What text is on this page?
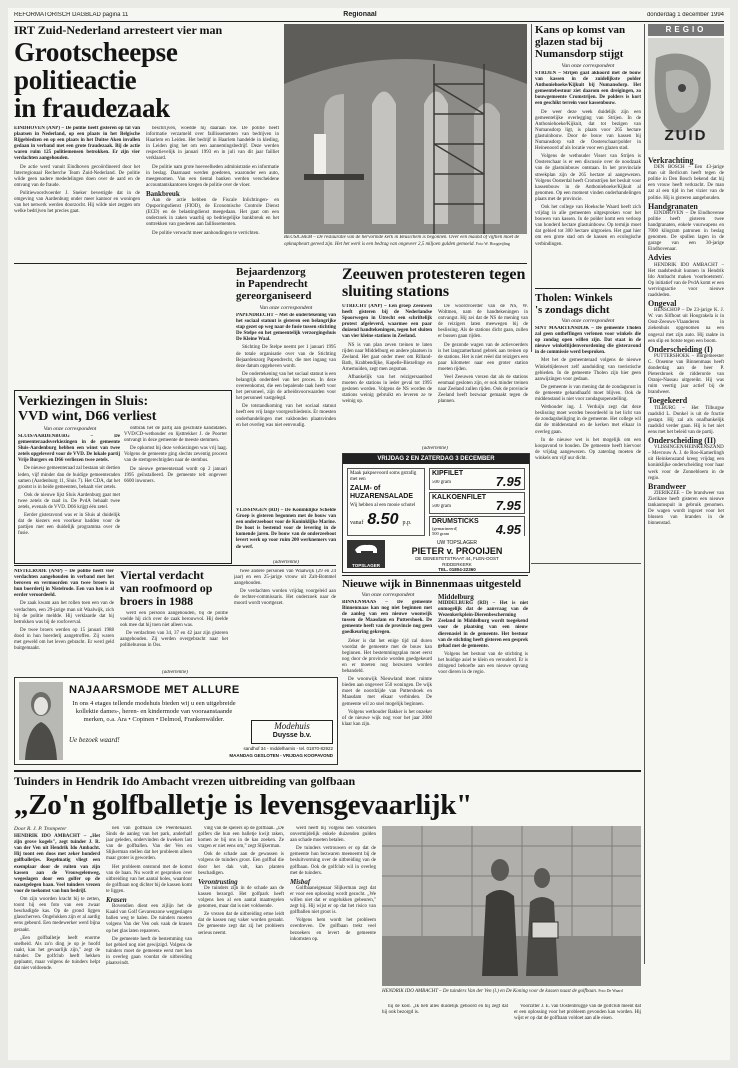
REFORMATORISCH DAGBLAD pagina 11	Regionaal	donderdag 1 december 1994
IRT Zuid-Nederland arresteert vier man
Grootscheepse
politieactie
in fraudezaak

EINDHOVEN (ANP) – De politie heeft gisteren op tal van plaatsen in Nederland, op een plaats in het Belgische Rijgebiedzen en op een plaats in het Duitse Aken invallen gedaan in verband met een grote fraudezaak. Bij de actie waren ruim 125 politiemensen betrokken. Er zijn vier verdachten aangehouden.

De actie werd vanuit Eindhoven gecoördineerd door het Interregionaal Recherche Team Zuid-Nederland. De politie wilde geen nadere mededelingen doen over de aard en de omvang van de fraude.

Politiewoordvoerder J. Sneker bevestigde dat in de omgeving van Aardenburg onder meer kantoor en woningen van het netwerk werden doorzocht. Hij wilde niet zeggen om welke bedrijven het precies gaat.

beschrijven, woedde hij daaraan toe. De politie heeft informatie verzameld over faillissementen van bedrijven in Haarlem en Leiden. Het bedrijf in Haarlem handelde in kleding, in Leiden ging het om een aannemingsbedrijf. Deze werden respectievelijk in januari 1993 en in juli van dit jaar failliet verklaard.

De politie nam grote hoeveelheden administratie en informatie in beslag. Daarnaast werden goederen, waaronder een auto, meegenomen. Van een tiental banken werden verscheidene accountantskantoren kregen de politie over de vloer.

Bankbreuk

Aan de actie hebben de Fiscale Inlichtingen- en Opsporingsdienst (FIOD), de Economische Controle Dienst (ECD) en de belastingdienst meegedaan. Het gaat om een onderzoek in zaken waarbij op bedriegelijke bankbreuk en het onttrekken van goederen aan faillissementen.

De politie verwacht meer aanhoudingen te verrichten.

BEUSICHEM – De restauratie van de hervormde kerk in Beusichem is begonnen. Over een maand of vijftien moet de opknapbeurt gereed zijn. Het het werk is een bedrag van ongeveer 2,5 miljoen gulden gemoeid. Foto W. Hoogteijling
Kans op komst van
glazen stad bij
Numansdorp stijgt
Van onze correspondent

STRIJEN – Strijen gaat akkoord met de bouw van kassen in de zuidelijkste polder Anthoniehoeke/Kijkuit bij Numansdorp. Het gemeentebestuur ziet daarom een dreigingen, zo bouwgemeente Cromstrijen. De polders is kort een geschikt terrein voor kassenbouw.

De weer deze week duidelijk zijn een gemeentelijke overlegging van Strijen. In de Anthoniehoeke/Kijkuit, dat tot bezigen van Numansdorp ligt, is plaats voor 265 hectare glastuinbouw. Door de bouw van kassen bij Numansdorp valt de Oosterschaar/polder in Heinenoord af als locatie voor een glazen stad.

Volgens de wethouder Visser van Strijen is Oosterschaar is er een discussie over de noodzaak van de glastuinbouw ontstaan. In het provinciale streekplan zijn de 265 hectare al aangewezen. Volgens Oosterdal heeft Cromstrijen het besluit voor kassenbouw in de Anthoniehoeke/Kijkuit al genomen. Op een moment vinden onderhandelingen plaats met de provincie.

Ook het college van Hoeksche Waard heeft zich vrijdag in alle gemeenten uitgesproken voor het bouwen van kassen. In de polder komt een verloop van honderd hectare glastuinbouw. Op termijn moet dat gebied tot 300 hectare uitgroeien. Het gaat hier om een grote stad om de kassen en ecologische verbindingen.

Tholen: Winkels
's zondags dicht
Van onze correspondent

SINT MAARTENSDIJK – De gemeente Tholen zal geen ontheffingen verlenen voor winkels die op zondag open willen zijn. Dat staat in de nieuwe winkeltijdenverordening die gisteravond in de commissie werd besproken.

Met het de gemeenteraad volgens de nieuwe Winkeltijdenwet zelf aanduiding van toeristische gebieden. In de gemeente Tholen zijn hier geen aanwijzingen voor gedaan.

De gemeente is van mening dat de zondagsrust in de gemeente gehandhaafd moet blijven. Ook de middenstand is niet voor zondagsopenstelling.

Wethouder ing. J. Verduijn zegt dat deze beslissing moet worden beoordeeld in het licht van de zondagsheiliging in de gemeente. Het college wil dat de middenstand en de kerken met elkaar in overleg gaan.

In de nieuwe wet is het mogelijk om een koopavond te houden. De gemeente heeft hiervoor de vrijdag aangewezen. Op zaterdag moeten de winkels om vijf uur dicht.

REGIO
ZUID
Verkrachting

DEN BOSCH – Een 43-jarige man uit Berlicum heeft tegen de politie in Den Bosch bekend dat hij een vrouw heeft verkracht. De man zat al een tijd in het vizier van de politie. Hij is gisteren aangehouden.

Handgranaten

EINDHOVEN – De Eindhovense politie heeft gisteren twee handgranaten, enkele vuurwapens en 7000 kilogram patronen in beslag genomen. De spullen lagen in de garage van een 30-jarige Eindhovenaar.

Advies

HENDRIK IDO AMBACHT – Het raadsbesluit kunnen in Hendrik Ido Ambacht maken 'voorboetstem'. Op initiatief van de PvdA komt er een wervingsactie voor nieuwe raadsleden.

Ongeval

BENSCHOP – De 23-jarige K. J. W. van Silfhout uit Hoograkela is in Oost-Zeeuws-Vlaanderen in ziekenhuis opgenomen na een ongeval met zijn auto. Hij raakte in een slip en botste tegen een boom.

Onderscheiding (I)

PUTTERSHOEK – Burgemeester C. Onsenne van Binnenmaas heeft donderdag aan de heer P. Pietersbroek de ridderorde van Oranje-Nassau uitgereikt. Hij was ruim veertig jaar actief bij de brandweer.

Toegekeerd

TILBURG – Het Tilburgse raadslid L. Donkel is uit de fractie gestapt. Hij zal als onafhankelijk raadslid verder gaan. Hij is het niet eens met het beleid van de partij.

Onderscheiding (II)

VLISSINGEN/HEINKENSZAND – Mevrouw A. J. de Roo-Kamerlingh uit Heinkenszand kreeg vrijdag een koninklijke onderscheiding voor haar werk voor de Zonnebloem in de regio.

Brandweer

ZIERIKZEE – De brandweer van Zierikzee heeft gisteren een nieuwe tankautospuit in gebruik genomen. De wagen wordt ingezet voor het blussen van branden in de binnenstad.

Bejaardenzorg
in Papendrecht
gereorganiseerd
Van onze correspondent

PAPENDRECHT – Met de ondertekening van het sociaal statuut is gisteren een belangrijke stap gezet op weg naar de fusie tussen stichting De Stelpe en het gemeentelijk verzorgingshuis De Kleine Waal.

Stichting De Stelpe neemt per 1 januari 1995 de totale organisatie over van de Stichting Bejaardenzorg Papendrecht, die met ingang van deze datum opgeheven wordt.

De ondertekening van het sociaal statuut is een belangrijk onderdeel van het proces. In deze overeenkomst, die een bepalende taak heeft voor het personeel, zijn de arbeidsvoorwaarden voor het personeel vastgelegd.

De totstandkoming van het sociaal statuut heeft een vrij lange voorgeschiedenis. Er moesten onderhandelingen met vakbonden plaatsvinden en het overleg was niet eenvoudig.

Zeeuwen protesteren tegen sluiting stations

UTRECHT (ANP) – Een groep Zeeuwen heeft gisteren bij de Nederlandse Spoorwegen in Utrecht een schriftelijk protest afgeleverd, waarmee een paar duizend handtekeningen, tegen het sluiten van vier kleine stations in Zeeland.

NS is van plan zeven treinen te laten rijden naar Middelburg en andere plaatsen in Zeeland. Het gaat onder meer om Rilland-Bath, Krabbendijke, Kapelle-Biezelinge en Arnemuiden, zegt men zegsman.

Afhankelijk van het reizigersaanbod moeten de stations in ieder geval tot 1995 gesloten worden. Volgens de NS worden de stations weinig gebruikt en leveren ze te weinig op.

De woordvoerder van de NS, W. Woltmen, nam de handtekeningen in ontvangst. Hij zei dat de NS de mening van de reizigers laten meewegen bij de beslissing. Als de stations dicht gaan, zullen er bussen gaan rijden.

De gezonde wagen van de actievoerders is het langzamerhand gebrek aan treinen op de stations. Het is niet reëel dat reizigers een paar kilometer naar een groter station moeten rijden.

Veel Zeeuwen vrezen dat als de stations eenmaal gesloten zijn, er ook minder treinen naar Zeeland zullen rijden. Ook de provincie Zeeland heeft bezwaar gemaakt tegen de plannen.

Verkiezingen in Sluis:
VVD wint, D66 verliest
Van onze correspondent

SLUIS/AARDENBURG – De gemeenteraadsverkiezingen in de gemeente Sluis-Aardenburg hebben een winst van twee zetels opgeleverd voor de VVD. De lokale partij Vrije Burgers en D66 verliezen twee zetels.

De nieuwe gemeenteraad zal bestaan uit dertien leden, vijf minder dan de huidige gemeenteraden samen (Aardenburg 11, Sluis 7). Het CDA, dat het grootst is in beide gemeenten, behaalt vier zetels.

Ook de nieuwe lijst Sluis Aardenburg gaat met twee zetels de raad in. De PvdA behaalt twee zetels, evenals de VVD. D66 krijgt één zetel.

Eerder gisteravond was er in Sluis al duidelijk dat de kiezers een voorkeur hadden voor de partijen met een duidelijk programma over de fusie.

ontbrak het de partij aan geschikte kandidaten. VVD/CD-wethouder en lijsttrekker J. de Poorter ontvangt in deze gemeente de meeste stemmen.

De opkomst bij deze verkiezingen was vrij laag. Volgens de gemeente ging slechts zeventig procent van de stemgerechtigden naar de stembus.

De nieuwe gemeenteraad wordt op 2 januari 1995 geïnstalleerd. De gemeente telt ongeveer 6600 inwoners.

VLISSINGEN (RD) – De Koninklijke Schelde Groep is gisteren begonnen met de bouw van een onderzeeboot voor de Koninklijke Marine. De boot is bestemd voor de levering in de komende jaren. De bouw van de onderzeeboot levert werk op voor ruim 200 werknemers van de werf.

(advertentie)
(advertentie)
VRIJDAG 2 EN ZATERDAG 3 DECEMBER
Maak pakpsevoord soms gstrafig met een
ZALM- of HUZARENSALADE
Wij hebben al een mooie schotel
vanaf 8.50 p.p.
KIPFILET
500 gram	7.95
KALKOENFILET
500 gram	7.95
DRUMSTICKS
(gemarineerd)
500 gram	4.95
TOPSLAGER
UW TOPSLAGER
PIETER v. PROOIJEN
DE GENESTETSTRAAT 44, FLEN-OOST
RIDDERKERK
TEL. 01804-22360

NISTELRODE (ANP) – De politie heeft vier verdachten aangehouden in verband met het beroven en vermoorden van twee broers in hun boerderij in Nistelrode. Een van hen is al eerder veroordeeld.

De zaak kwam aan het rollen toen een van de verdachten, een 29-jarige man uit Waalwijk, zich bij de politie meldde. Hij verklaarde dat hij betrokken was bij de roofoverval.

De twee broers werden op 15 januari 1988 dood in hun boerderij aangetroffen. Zij waren met geweld om het leven gebracht. Er werd geld buitgemaakt.

Viertal verdacht
van roofmoord op
broers in 1988

werd een persoon aangehouden, bij de politie voelde hij zich over de zaak berouwvol. Hij deelde ook mee dat hij toen niet alleen was.

De verdachten van 34, 37 en 42 jaar zijn gisteren aangehouden. Zij werden overgebracht naar het politiebureau in Oss.

twee andere personen van Waalwijk (29 en 24 jaar) en een 25-jarige vrouw uit Zalt-Bommel aangehouden.

De verdachten worden vrijdag voorgeleid aan de rechter-commissaris. Het onderzoek naar de moord wordt voortgezet.

(advertentie)
NAJAARSMODE MET ALLURE
In ons 4 etages tellende modehuis bieden wij u een uitgebreide kollektie dames-, heren- en kindermode van vooraanstaande merken, o.a. Ara • Copinen • Delmod, Frankenwälder.
Ue bezoek waard!
Modehuis
Duysse b.v.
sandhof 34 - middelharnis - tel. 01870-82922
MAANDAG GESLOTEN - VRIJDAG KOOPAVOND
Nieuwe wijk in Binnenmaas uitgesteld
Van onze correspondent

BINNENMAAS – De gemeente Binnenmaas kan nog niet beginnen met de aanleg van een nieuwe woonwijk tussen de Maasdam en Puttershoek. De gemeente heeft van de provincie nog geen goedkeuring gekregen.

Zeker is dat het enige tijd zal duren voordat de gemeente met de bouw kan beginnen. Het bestemmingsplan moet eerst nog door de provincie worden goedgekeurd en er moeten nog bezwaren worden behandeld.

De woonwijk Nieuwland moet ruimte bieden aan ongeveer 550 woningen. De wijk moet de noordzijde van Puttershoek en Maasdam met elkaar verbinden. De gemeente wil zo snel mogelijk beginnen.

Volgens wethouder Bakker is het onzeker of de nieuwe wijk nog voor het jaar 2000 klaar kan zijn.

Middelburg

MIDDELBURG (RD) – Het is niet onmogelijk dat de aanvraag van de Wezenkerkplein-Dierenbescherming Zeeland in Middelburg wordt toegekend voor de plaatsing van een nieuw dierenasiel in de gemeente. Het bestuur van de stichting heeft gisteren een gesprek gehad met de gemeente.

Volgens het bestuur van de stichting is het huidige asiel te klein en verouderd. Er is dringend behoefte aan een nieuwe opvang voor dieren in de regio.

Tuinders in Hendrik Ido Ambacht vrezen uitbreiding van golfbaan
„Zo'n golfballetje is levensgevaarlijk"
Door R. J. P. Trompeter

HENDRIK IDO AMBACHT – „Het zijn grove kogels", zegt tuinder J. R. van der Ven uit Hendrik Ido Ambacht. Hij toont een doos met zeker honderd golfballetjes. Regelmatig vliegt een exemplaar door de ruiten van zijn kassen aan de Vrouwgelenweg, wegeslagen door een golfer op de naastgelegen baan. Veel tuinders vrezen voor de toekomst van hun bedrijf.

Om zijn woorden kracht bij te zetten, toont hij een foto van een zwaar beschadigde kas. Op de grond liggen glasscherven. Ongelukken zijn er al aardig eens gebeurd. Een medewerker werd bijna geraakt.

„Een golfballetje heeft enorme snelheid. Als zo'n ding je op je hoofd raakt, kan het gevaarlijk zijn," zegt de tuinder. De golfclub heeft hekken geplaatst, maar volgens de tuinders helpt dat niet voldoende.

nen van golfbaan De Peerdenaard. Sinds de aanleg van het park, anderhalf jaar geleden, ondervinden de kwekers last van de golfballen. Van der Ven en Slijkerman stellen dat het probleem alleen maar groter is geworden.

Het probleem ontstond met de komst van de baan. Nu wordt er gesproken over uitbreiding van het aantal holes, waardoor de golfbaan nog dichter bij de kassen komt te liggen.

Krasen

Bovendien dient een zijlijn het de Kaaid van Golf Gevarenzone weggeslagen ballen weg te halen. De tuinders moeten volgens Van der Ven ook vaak de krasen op het glas laten repareren.

De gemeente heeft de bestemming van het gebied nog niet gewijzigd. Volgens de tuinders moet de gemeente eerst met hen in overleg gaan voordat de uitbreiding plaatsvindt.

ving van de spelers op de golfbaan. „De golfers die hun een balletje kwijt raken, komen ze bij ons in de kas zoeken. Ze vragen er niet eens om," zegt Slijkerman.

Ook de schade aan de gewassen is volgens de tuinders groot. Een golfbal die door het dak valt, kan planten beschadigen.

Verontrusting

De tuinders zijn in de schade aan de kassen bezorgd. Het golfpark heeft volgens hen al een aantal maatregelen genomen, maar dat is niet voldoende.

Ze vrezen dat de uitbreiding ertoe leidt dat de kassen nog vaker worden geraakt. De gemeente zegt dat zij het probleem serieus neemt.

werd heeft bij volgens hen volkomen onvermijdelijk enkele duizenden gulden aan schade moeten betalen.

De tuinders vertrouwen er op dat de gemeente hun bezwaren meeneemt bij de besluitvorming over de uitbreiding van de golfbaan. Ook de golfclub wil in overleg met de tuinders.

Misbaf

Golfbaaneigenaar Slijkerman zegt dat er voor een oplossing wordt gezocht. „We willen niet dat er ongelukken gebeuren," zegt hij. Hij wijst er op dat het risico van golfballen niet groot is.

Volgens hem wordt het probleem overdreven. De golfbaan trekt veel bezoekers en levert de gemeente inkomsten op.

HENDRIK IDO AMBACHT – De tuinders Van der Ven (l.) en De Koning voor de kassen naast de golfbaan. Foto De Waard

hij de kost. „Ik heb alles duidelijk gehoord en hij zegt dat hij ook bezorgd is.

Voorzitter J. E. van Oostenbrugge van de golfclub meent dat er een oplossing voor het probleem gevonden kan worden. Hij wijst er op dat de golfbaan voldoet aan alle eisen.
